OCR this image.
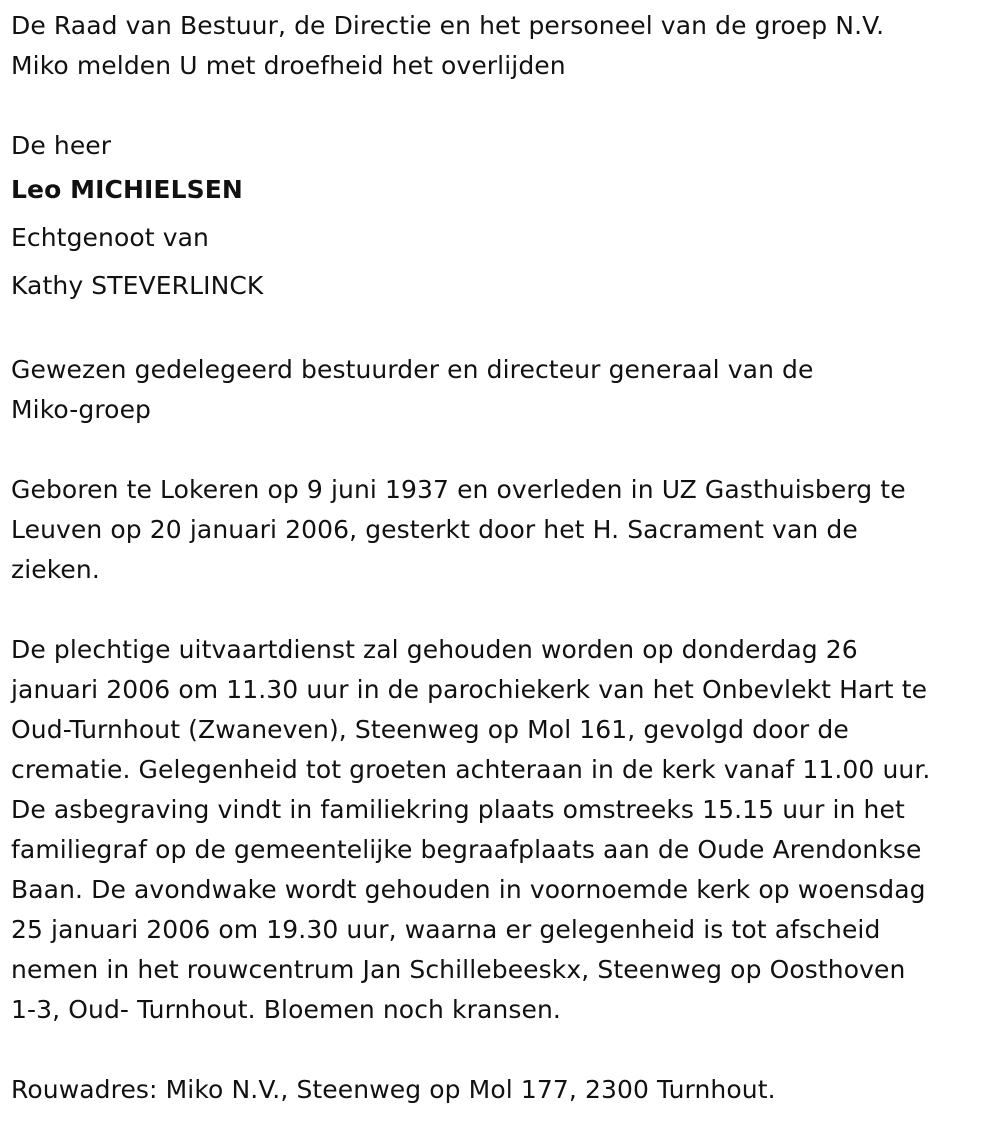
De Raad van Bestuur, de Directie en het personeel van de groep N.V.

Miko melden U met droefheid het overlijden

De heer

Leo MICHIELSEN

Echtgenoot van

Kathy STEVERLINCK

Gewezen gedelegeerd bestuurder en directeur generaal van de

Miko-groep

Geboren te Lokeren op 9 juni 1937 en overleden in UZ Gasthuisberg te

Leuven op 20 januari 2006, gesterkt door het H. Sacrament van de

zieken.

De plechtige uitvaartdienst zal gehouden worden op donderdag 26

januari 2006 om 11.30 uur in de parochiekerk van het Onbevlekt Hart te

Oud-Turnhout (Zwaneven), Steenweg op Mol 161, gevolgd door de

crematie. Gelegenheid tot groeten achteraan in de kerk vanaf 11.00 uur.

De asbegraving vindt in familiekring plaats omstreeks 15.15 uur in het

familiegraf op de gemeentelijke begraafplaats aan de Oude Arendonkse

Baan. De avondwake wordt gehouden in voornoemde kerk op woensdag

25 januari 2006 om 19.30 uur, waarna er gelegenheid is tot afscheid

nemen in het rouwcentrum Jan Schillebeeskx, Steenweg op Oosthoven

1-3, Oud- Turnhout. Bloemen noch kransen.

Rouwadres: Miko N.V., Steenweg op Mol 177, 2300 Turnhout.
